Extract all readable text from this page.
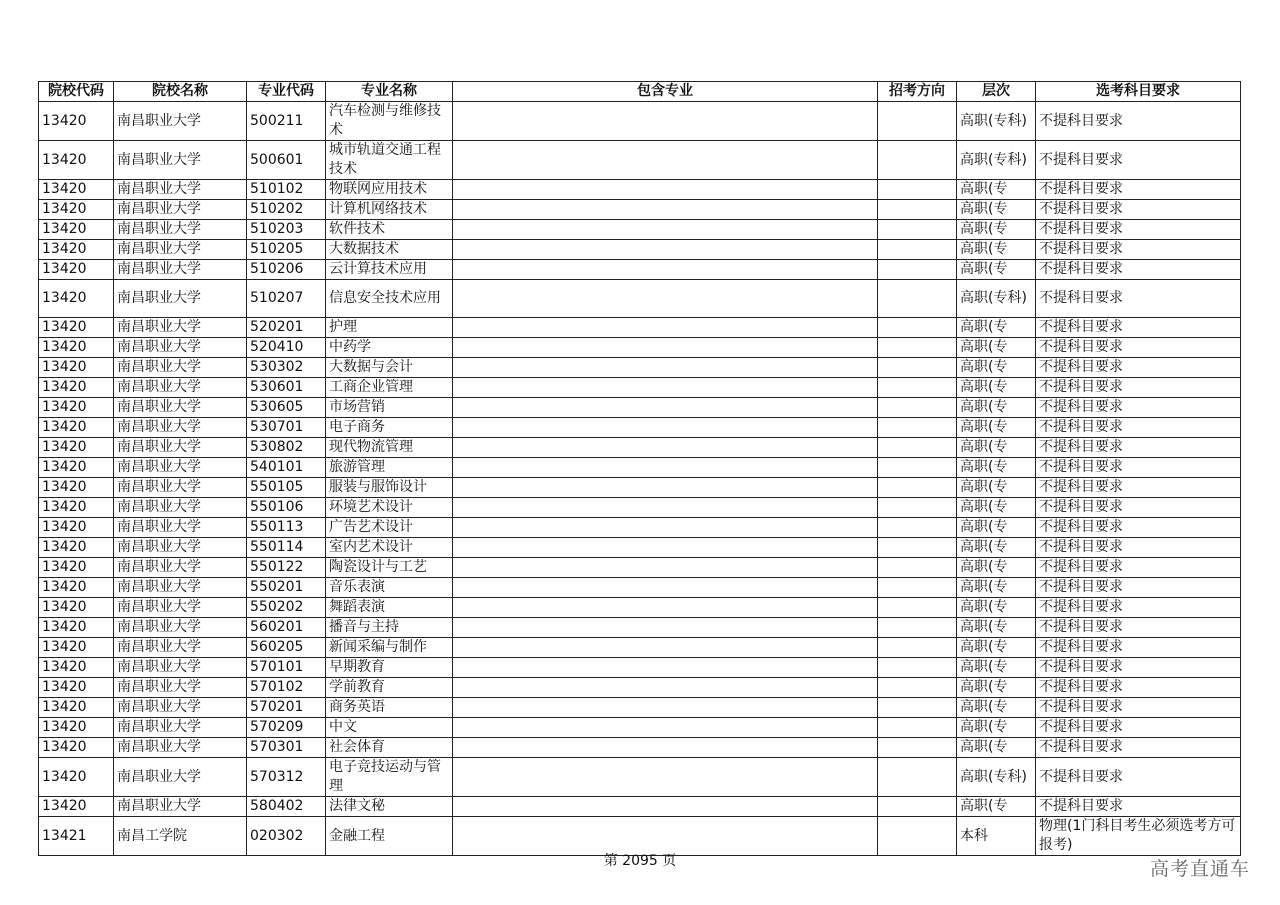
院校代码	院校名称	专业代码	专业名称	包含专业	招考方向	层次	选考科目要求
13420	南昌职业大学	500211	汽车检测与维修技术			高职(专科)	不提科目要求
13420	南昌职业大学	500601	城市轨道交通工程技术			高职(专科)	不提科目要求
13420	南昌职业大学	510102	物联网应用技术			高职(专	不提科目要求
13420	南昌职业大学	510202	计算机网络技术			高职(专	不提科目要求
13420	南昌职业大学	510203	软件技术			高职(专	不提科目要求
13420	南昌职业大学	510205	大数据技术			高职(专	不提科目要求
13420	南昌职业大学	510206	云计算技术应用			高职(专	不提科目要求
13420	南昌职业大学	510207	信息安全技术应用			高职(专科)	不提科目要求
13420	南昌职业大学	520201	护理			高职(专	不提科目要求
13420	南昌职业大学	520410	中药学			高职(专	不提科目要求
13420	南昌职业大学	530302	大数据与会计			高职(专	不提科目要求
13420	南昌职业大学	530601	工商企业管理			高职(专	不提科目要求
13420	南昌职业大学	530605	市场营销			高职(专	不提科目要求
13420	南昌职业大学	530701	电子商务			高职(专	不提科目要求
13420	南昌职业大学	530802	现代物流管理			高职(专	不提科目要求
13420	南昌职业大学	540101	旅游管理			高职(专	不提科目要求
13420	南昌职业大学	550105	服装与服饰设计			高职(专	不提科目要求
13420	南昌职业大学	550106	环境艺术设计			高职(专	不提科目要求
13420	南昌职业大学	550113	广告艺术设计			高职(专	不提科目要求
13420	南昌职业大学	550114	室内艺术设计			高职(专	不提科目要求
13420	南昌职业大学	550122	陶瓷设计与工艺			高职(专	不提科目要求
13420	南昌职业大学	550201	音乐表演			高职(专	不提科目要求
13420	南昌职业大学	550202	舞蹈表演			高职(专	不提科目要求
13420	南昌职业大学	560201	播音与主持			高职(专	不提科目要求
13420	南昌职业大学	560205	新闻采编与制作			高职(专	不提科目要求
13420	南昌职业大学	570101	早期教育			高职(专	不提科目要求
13420	南昌职业大学	570102	学前教育			高职(专	不提科目要求
13420	南昌职业大学	570201	商务英语			高职(专	不提科目要求
13420	南昌职业大学	570209	中文			高职(专	不提科目要求
13420	南昌职业大学	570301	社会体育			高职(专	不提科目要求
13420	南昌职业大学	570312	电子竞技运动与管理			高职(专科)	不提科目要求
13420	南昌职业大学	580402	法律文秘			高职(专	不提科目要求
13421	南昌工学院	020302	金融工程			本科	物理(1门科目考生必须选考方可报考)
第 2095 页	高考直通车
